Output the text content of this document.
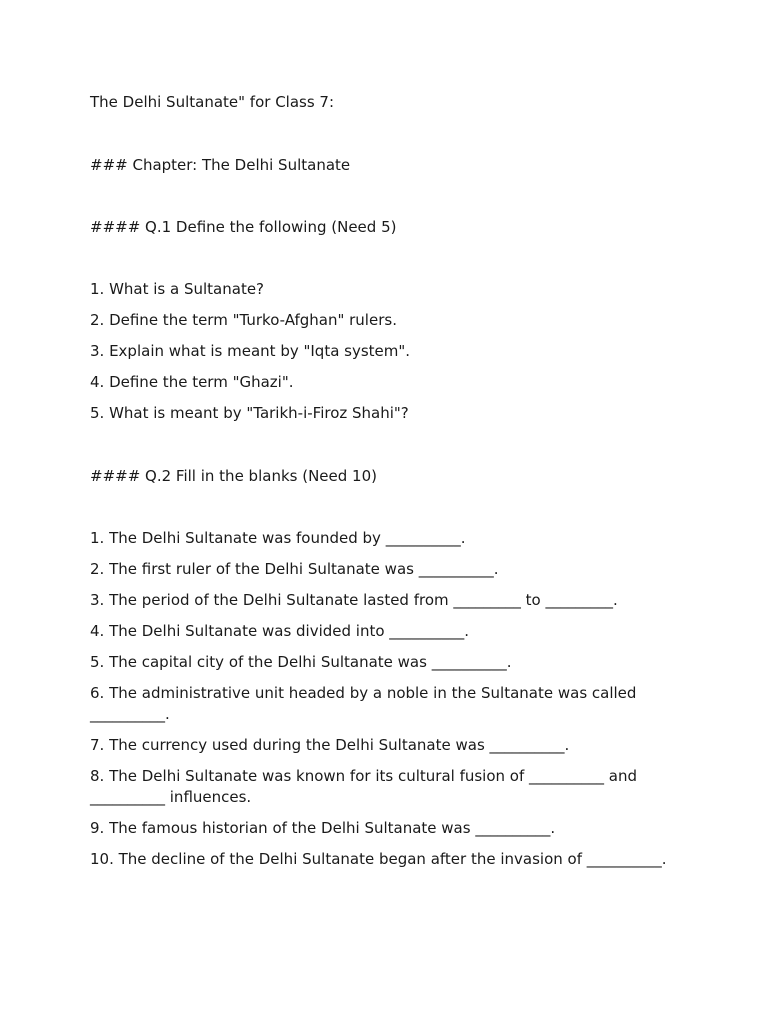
The Delhi Sultanate" for Class 7:

### Chapter: The Delhi Sultanate

#### Q.1 Define the following (Need 5)

1. What is a Sultanate?
2. Define the term "Turko-Afghan" rulers.
3. Explain what is meant by "Iqta system".
4. Define the term "Ghazi".
5. What is meant by "Tarikh-i-Firoz Shahi"?

#### Q.2 Fill in the blanks (Need 10)

1. The Delhi Sultanate was founded by __________.
2. The first ruler of the Delhi Sultanate was __________.
3. The period of the Delhi Sultanate lasted from _________ to _________.
4. The Delhi Sultanate was divided into __________.
5. The capital city of the Delhi Sultanate was __________.
6. The administrative unit headed by a noble in the Sultanate was called __________.
7. The currency used during the Delhi Sultanate was __________.
8. The Delhi Sultanate was known for its cultural fusion of __________ and __________ influences.
9. The famous historian of the Delhi Sultanate was __________.
10. The decline of the Delhi Sultanate began after the invasion of __________.
